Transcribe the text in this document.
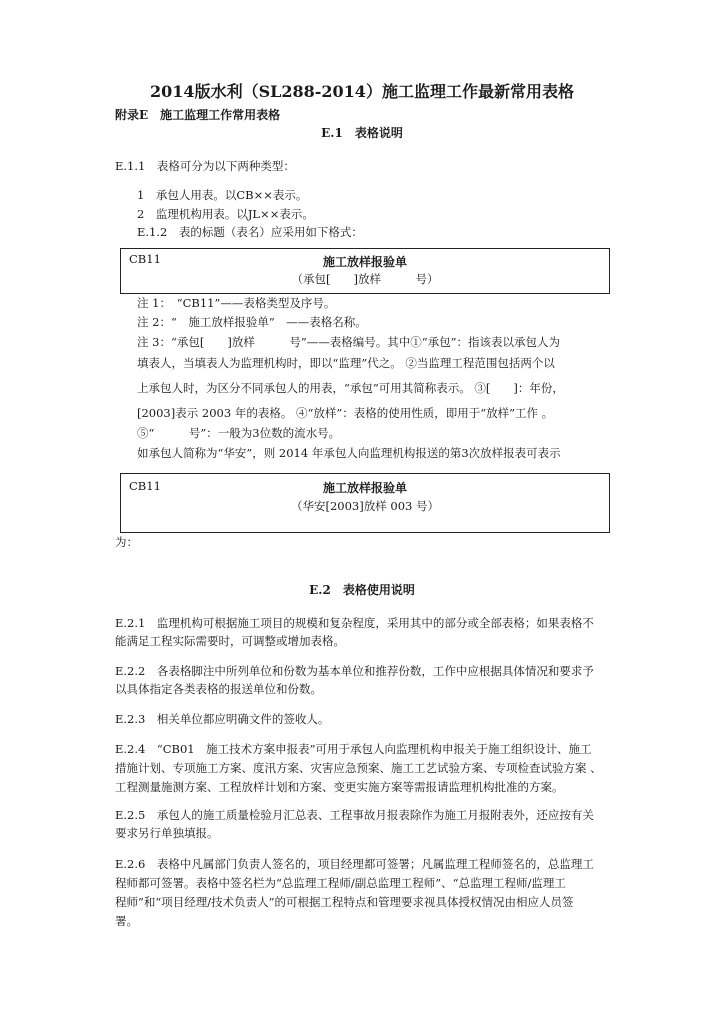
2014版水利（SL288-2014）施工监理工作最新常用表格
附录E　施工监理工作常用表格
E.1　表格说明
E.1.1　表格可分为以下两种类型：
1　承包人用表。以CB××表示。
2　监理机构用表。以JL××表示。
E.1.2　表的标题（表名）应采用如下格式：
CB11	施工放样报验单
（承包[　　]放样　　　号）
注 1：　“CB11”——表格类型及序号。
注 2：“　施工放样报验单”　——表格名称。
注 3：“承包[　　]放样　　　号”——表格编号。其中①“承包”：指该表以承包人为
填表人，当填表人为监理机构时，即以“监理”代之。 ②当监理工程范围包括两个以
上承包人时，为区分不同承包人的用表，“承包”可用其简称表示。 ③[　　]：年份，
[2003]表示 2003 年的表格。 ④“放样”：表格的使用性质，即用于“放样”工作 。
⑤“　　　号”：一般为3位数的流水号。
如承包人简称为“华安”，则 2014 年承包人向监理机构报送的第3次放样报表可表示
CB11	施工放样报验单
（华安[2003]放样 003 号）
为：
E.2　表格使用说明
E.2.1　监理机构可根据施工项目的规模和复杂程度，采用其中的部分或全部表格；如果表格不
能满足工程实际需要时，可调整或增加表格。
E.2.2　各表格脚注中所列单位和份数为基本单位和推荐份数，工作中应根据具体情况和要求予
以具体指定各类表格的报送单位和份数。
E.2.3　相关单位都应明确文件的签收人。
E.2.4　“CB01　施工技术方案申报表”可用于承包人向监理机构申报关于施工组织设计、施工
措施计划、专项施工方案、度汛方案、灾害应急预案、施工工艺试验方案、专项检查试验方案 、
工程测量施测方案、工程放样计划和方案、变更实施方案等需报请监理机构批准的方案。
E.2.5　承包人的施工质量检验月汇总表、工程事故月报表除作为施工月报附表外，还应按有关
要求另行单独填报。
E.2.6　表格中凡属部门负责人签名的，项目经理都可签署；凡属监理工程师签名的，总监理工
程师都可签署。表格中签名栏为“总监理工程师/副总监理工程师”、“总监理工程师/监理工
程师”和“项目经理/技术负责人”的可根据工程特点和管理要求视具体授权情况由相应人员签
署。
